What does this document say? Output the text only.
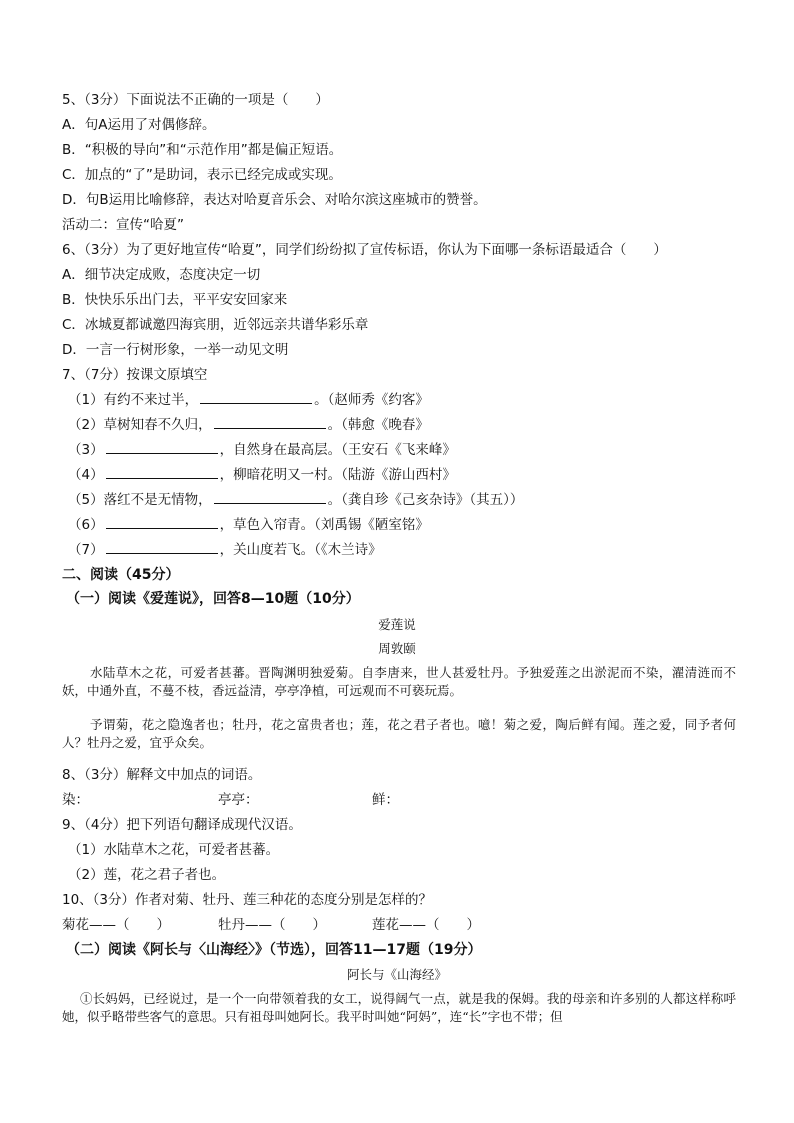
5、（3分）下面说法不正确的一项是（　　）
A．句A运用了对偶修辞。
B．“积极的导向”和“示范作用”都是偏正短语。
C．加点的“了”是助词，表示已经完成或实现。
D．句B运用比喻修辞，表达对哈夏音乐会、对哈尔滨这座城市的赞誉。
活动二：宣传“哈夏”
6、（3分）为了更好地宣传“哈夏”，同学们纷纷拟了宣传标语，你认为下面哪一条标语最适合（　　）
A．细节决定成败，态度决定一切
B．快快乐乐出门去，平平安安回家来
C．冰城夏都诚邀四海宾朋，近邻远亲共谱华彩乐章
D．一言一行树形象，一举一动见文明
7、（7分）按课文原填空
（1）有约不来过半，	。（赵师秀《约客》
（2）草树知春不久归，	。（韩愈《晚春》
（3）	，自然身在最高层。（王安石《飞来峰》
（4）	，柳暗花明又一村。（陆游《游山西村》
（5）落红不是无情物，	。（龚自珍《己亥杂诗》（其五））
（6）	，草色入帘青。（刘禹锡《陋室铭》
（7）	，关山度若飞。（《木兰诗》
二、阅读（45分）
（一）阅读《爱莲说》，回答8—10题（10分）
爱莲说
周敦颐
水陆草木之花，可爱者甚蕃。晋陶渊明独爱菊。自李唐来，世人甚爱牡丹。予独爱莲之出淤泥而不染，濯清涟而不妖，中通外直，不蔓不枝，香远益清，亭亭净植，可远观而不可亵玩焉。
予谓菊，花之隐逸者也；牡丹，花之富贵者也；莲，花之君子者也。噫！菊之爱，陶后鲜有闻。莲之爱，同予者何人？牡丹之爱，宜乎众矣。
8、（3分）解释文中加点的词语。
染：	亭亭：	鲜：
9、（4分）把下列语句翻译成现代汉语。
（1）水陆草木之花，可爱者甚蕃。
（2）莲，花之君子者也。
10、（3分）作者对菊、牡丹、莲三种花的态度分别是怎样的？
菊花——（　　）	牡丹——（　　）	莲花——（　　）
（二）阅读《阿长与〈山海经〉》（节选），回答11—17题（19分）
阿长与《山海经》
①长妈妈，已经说过，是一个一向带领着我的女工，说得阔气一点，就是我的保姆。我的母亲和许多别的人都这样称呼她，似乎略带些客气的意思。只有祖母叫她阿长。我平时叫她“阿妈”，连“长”字也不带；但
